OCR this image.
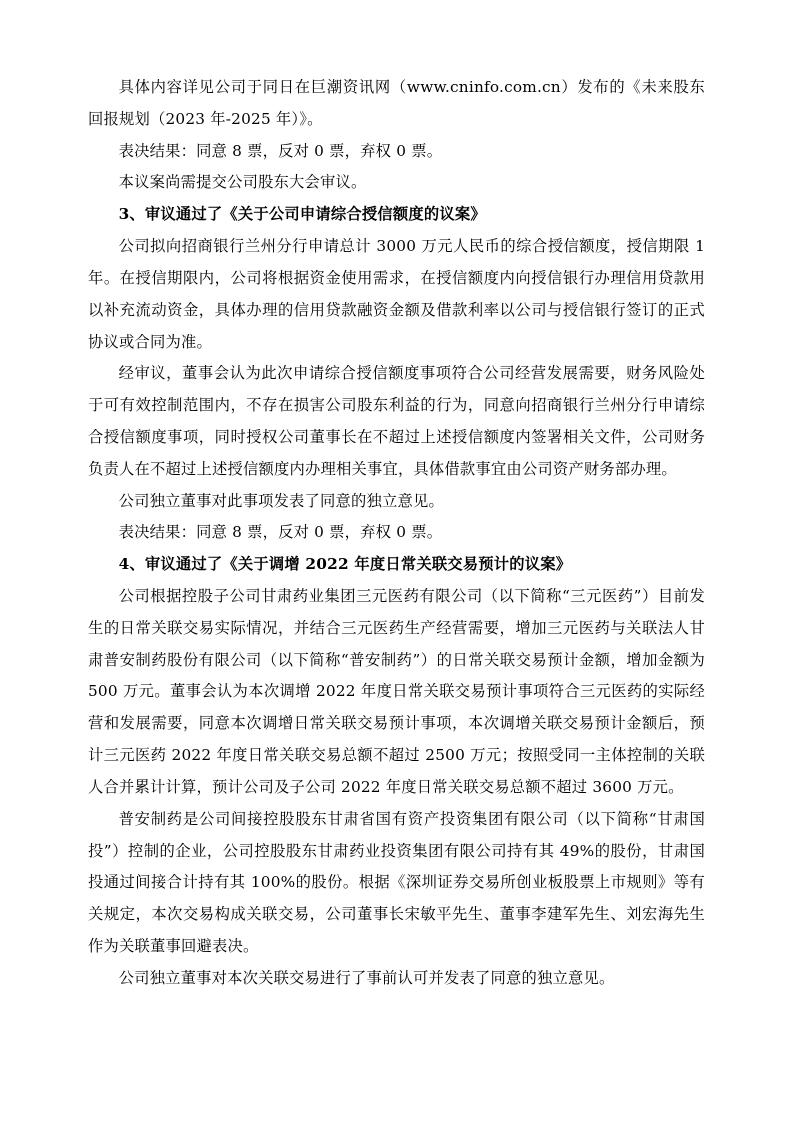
具体内容详见公司于同日在巨潮资讯网（www.cninfo.com.cn）发布的《未来股东回报规划（2023 年-2025 年）》。

表决结果：同意 8 票，反对 0 票，弃权 0 票。

本议案尚需提交公司股东大会审议。

3、审议通过了《关于公司申请综合授信额度的议案》

公司拟向招商银行兰州分行申请总计 3000 万元人民币的综合授信额度，授信期限 1 年。在授信期限内，公司将根据资金使用需求，在授信额度内向授信银行办理信用贷款用以补充流动资金，具体办理的信用贷款融资金额及借款利率以公司与授信银行签订的正式协议或合同为准。

经审议，董事会认为此次申请综合授信额度事项符合公司经营发展需要，财务风险处于可有效控制范围内，不存在损害公司股东利益的行为，同意向招商银行兰州分行申请综合授信额度事项，同时授权公司董事长在不超过上述授信额度内签署相关文件，公司财务负责人在不超过上述授信额度内办理相关事宜，具体借款事宜由公司资产财务部办理。

公司独立董事对此事项发表了同意的独立意见。

表决结果：同意 8 票，反对 0 票，弃权 0 票。

4、审议通过了《关于调增 2022 年度日常关联交易预计的议案》

公司根据控股子公司甘肃药业集团三元医药有限公司（以下简称“三元医药”）目前发生的日常关联交易实际情况，并结合三元医药生产经营需要，增加三元医药与关联法人甘肃普安制药股份有限公司（以下简称“普安制药”）的日常关联交易预计金额，增加金额为 500 万元。董事会认为本次调增 2022 年度日常关联交易预计事项符合三元医药的实际经营和发展需要，同意本次调增日常关联交易预计事项，本次调增关联交易预计金额后，预计三元医药 2022 年度日常关联交易总额不超过 2500 万元；按照受同一主体控制的关联人合并累计计算，预计公司及子公司 2022 年度日常关联交易总额不超过 3600 万元。

普安制药是公司间接控股股东甘肃省国有资产投资集团有限公司（以下简称“甘肃国投”）控制的企业，公司控股股东甘肃药业投资集团有限公司持有其 49%的股份，甘肃国投通过间接合计持有其 100%的股份。根据《深圳证券交易所创业板股票上市规则》等有关规定，本次交易构成关联交易，公司董事长宋敏平先生、董事李建军先生、刘宏海先生作为关联董事回避表决。

公司独立董事对本次关联交易进行了事前认可并发表了同意的独立意见。
